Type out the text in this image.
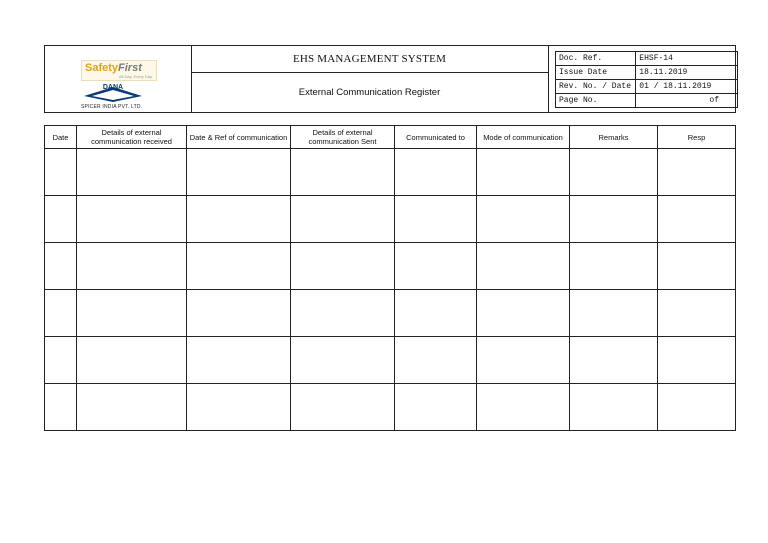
SafetyFirst
All Day, Every Day
DANA
SPICER INDIA PVT. LTD.
EHS MANAGEMENT SYSTEM
External Communication Register
Doc. Ref.	EHSF-14
Issue Date	18.11.2019
Rev. No. / Date	01 / 18.11.2019
Page No.	of
Date	Details of external communication received	Date & Ref of communication	Details of external communication Sent	Communicated to	Mode of communication	Remarks	Resp
